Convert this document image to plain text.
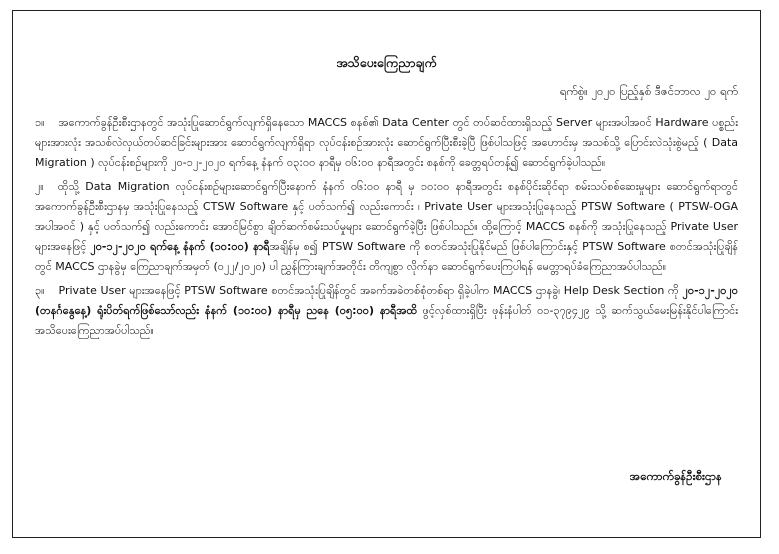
အသိပေးကြေညာချက်
ရက်စွဲ။ ၂၀၂၀ ပြည့်နှစ် ဒီဇင်ဘာလ ၂၀ ရက်
၁။ အကောက်ခွန်ဦးစီးဌာနတွင် အသုံးပြုဆောင်ရွက်လျက်ရှိနေသော MACCS စနစ်၏ Data Center တွင် တပ်ဆင်ထားရှိသည့် Server များအပါအဝင် Hardware ပစ္စည်းများအားလုံး အသစ်လဲလှယ်တပ်ဆင်ခြင်းများအား ဆောင်ရွက်လျက်ရှိရာ လုပ်ငန်းစဉ်အားလုံး ဆောင်ရွက်ပြီးစီးခဲ့ပြီ ဖြစ်ပါသဖြင့် အဟောင်းမှ အသစ်သို့ ပြောင်းလဲသုံးစွဲမည့် ( Data Migration ) လုပ်ငန်းစဉ်များကို ၂၀-၁၂-၂၀၂၀ ရက်နေ့ နံနက် ၀၃:၀၀ နာရီမှ ၀၆:၀၀ နာရီအတွင်း စနစ်ကို ခေတ္တရပ်တန့်၍ ဆောင်ရွက်ခဲ့ပါသည်။
၂။ ထိုသို့ Data Migration လုပ်ငန်းစဉ်များဆောင်ရွက်ပြီးနောက် နံနက် ၀၆:၀၀ နာရီ မှ ၁၀:၀၀ နာရီအတွင်း စနစ်ပိုင်းဆိုင်ရာ စမ်းသပ်စစ်ဆေးမှုများ ဆောင်ရွက်ရာတွင် အကောက်ခွန်ဦးစီးဌာနမှ အသုံးပြုနေသည့် CTSW Software နှင့် ပတ်သက်၍ လည်းကောင်း ၊ Private User များအသုံးပြုနေသည့် PTSW Software ( PTSW-OGA အပါအဝင် ) နှင့် ပတ်သက်၍ လည်းကောင်း အောင်မြင်စွာ ချိတ်ဆက်စမ်းသပ်မှုများ ဆောင်ရွက်ခဲ့ပြီး ဖြစ်ပါသည်။ ထို့ကြောင့် MACCS စနစ်ကို အသုံးပြုနေသည့် Private User များအနေဖြင့် ၂၀-၁၂-၂၀၂၀ ရက်နေ့ နံနက် (၁၀:၀၀) နာရီအချိန်မှ စ၍ PTSW Software ကို စတင်အသုံးပြုနိုင်မည် ဖြစ်ပါကြောင်းနှင့် PTSW Software စတင်အသုံးပြုချိန်တွင် MACCS ဌာနခွဲမှ ကြေညာချက်အမှတ် (၀၂၂/၂၀၂၀) ပါ ညွှန်ကြားချက်အတိုင်း တိကျစွာ လိုက်နာ ဆောင်ရွက်ပေးကြပါရန် မေတ္တာရပ်ခံကြေညာအပ်ပါသည်။
၃။ Private User များအနေဖြင့် PTSW Software စတင်အသုံးပြုချိန်တွင် အခက်အခဲတစ်စုံတစ်ရာ ရှိခဲ့ပါက MACCS ဌာနခွဲ၊ Help Desk Section ကို ၂၀-၁၂-၂၀၂၀ (တနင်္ဂနွေနေ့) ရုံးပိတ်ရက်ဖြစ်သော်လည်း နံနက် (၁၀:၀၀) နာရီမှ ညနေ (၀၅:၀၀) နာရီအထိ ဖွင့်လှစ်ထားရှိပြီး ဖုန်းနံပါတ် ၀၁-၃၇၉၄၂၉ သို့ ဆက်သွယ်မေးမြန်းနိုင်ပါကြောင်း အသိပေးကြေညာအပ်ပါသည်။
အကောက်ခွန်ဦးစီးဌာန
